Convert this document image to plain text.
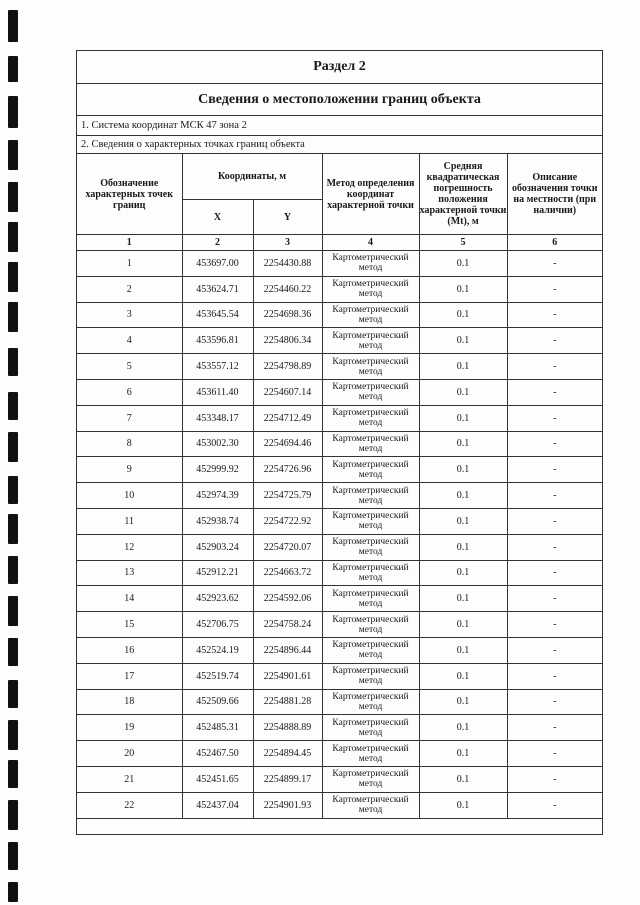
Раздел 2
Сведения о местоположении границ объекта
1. Система координат МСК 47 зона 2
2. Сведения о характерных точках границ объекта
Обозначение характерных точек границ	Координаты, м		Метод определения координат характерной точки	Средняя квадратическая погрешность положения характерной точки (Mt), м	Описание обозначения точки на местности (при наличии)
	X	Y			
1	2	3	4	5	6
1	453697.00	2254430.88	Картометрический метод	0.1	-
2	453624.71	2254460.22	Картометрический метод	0.1	-
3	453645.54	2254698.36	Картометрический метод	0.1	-
4	453596.81	2254806.34	Картометрический метод	0.1	-
5	453557.12	2254798.89	Картометрический метод	0.1	-
6	453611.40	2254607.14	Картометрический метод	0.1	-
7	453348.17	2254712.49	Картометрический метод	0.1	-
8	453002.30	2254694.46	Картометрический метод	0.1	-
9	452999.92	2254726.96	Картометрический метод	0.1	-
10	452974.39	2254725.79	Картометрический метод	0.1	-
11	452938.74	2254722.92	Картометрический метод	0.1	-
12	452903.24	2254720.07	Картометрический метод	0.1	-
13	452912.21	2254663.72	Картометрический метод	0.1	-
14	452923.62	2254592.06	Картометрический метод	0.1	-
15	452706.75	2254758.24	Картометрический метод	0.1	-
16	452524.19	2254896.44	Картометрический метод	0.1	-
17	452519.74	2254901.61	Картометрический метод	0.1	-
18	452509.66	2254881.28	Картометрический метод	0.1	-
19	452485.31	2254888.89	Картометрический метод	0.1	-
20	452467.50	2254894.45	Картометрический метод	0.1	-
21	452451.65	2254899.17	Картометрический метод	0.1	-
22	452437.04	2254901.93	Картометрический метод	0.1	-
